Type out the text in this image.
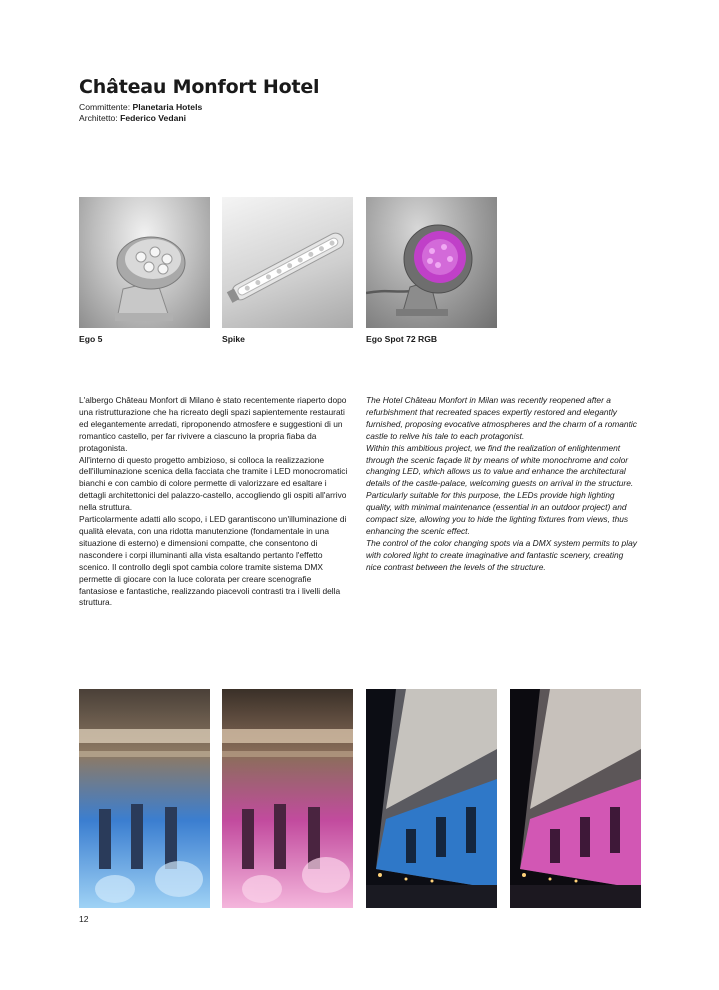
Château Monfort Hotel
Committente: Planetaria Hotels
Architetto: Federico Vedani
Ego 5	Spike	Ego Spot 72 RGB

L'albergo Château Monfort di Milano è stato recentemente riaperto dopo una ristrutturazione che ha ricreato degli spazi sapientemente restaurati ed elegantemente arredati, riproponendo atmosfere e suggestioni di un romantico castello, per far rivivere a ciascuno la propria fiaba da protagonista.

All'interno di questo progetto ambizioso, si colloca la realizzazione dell'illuminazione scenica della facciata che tramite i LED monocromatici bianchi e con cambio di colore permette di valorizzare ed esaltare i dettagli architettonici del palazzo-castello, accogliendo gli ospiti all'arrivo nella struttura.

Particolarmente adatti allo scopo, i LED garantiscono un'illuminazione di qualità elevata, con una ridotta manutenzione (fondamentale in una situazione di esterno) e dimensioni compatte, che consentono di nascondere i corpi illuminanti alla vista esaltando pertanto l'effetto scenico. Il controllo degli spot cambia colore tramite sistema DMX permette di giocare con la luce colorata per creare scenografie fantasiose e fantastiche, realizzando piacevoli contrasti tra i livelli della struttura.

The Hotel Château Monfort in Milan was recently reopened after a refurbishment that recreated spaces expertly restored and elegantly furnished, proposing evocative atmospheres and the charm of a romantic castle to relive his tale to each protagonist.

Within this ambitious project, we find the realization of enlightenment through the scenic façade lit by means of white monochrome and color changing LED, which allows us to value and enhance the architectural details of the castle-palace, welcoming guests on arrival in the structure. Particularly suitable for this purpose, the LEDs provide high lighting quality, with minimal maintenance (essential in an outdoor project) and compact size, allowing you to hide the lighting fixtures from views, thus enhancing the scenic effect.

The control of the color changing spots via a DMX system permits to play with colored light to create imaginative and fantastic scenery, creating nice contrast between the levels of the structure.

12
